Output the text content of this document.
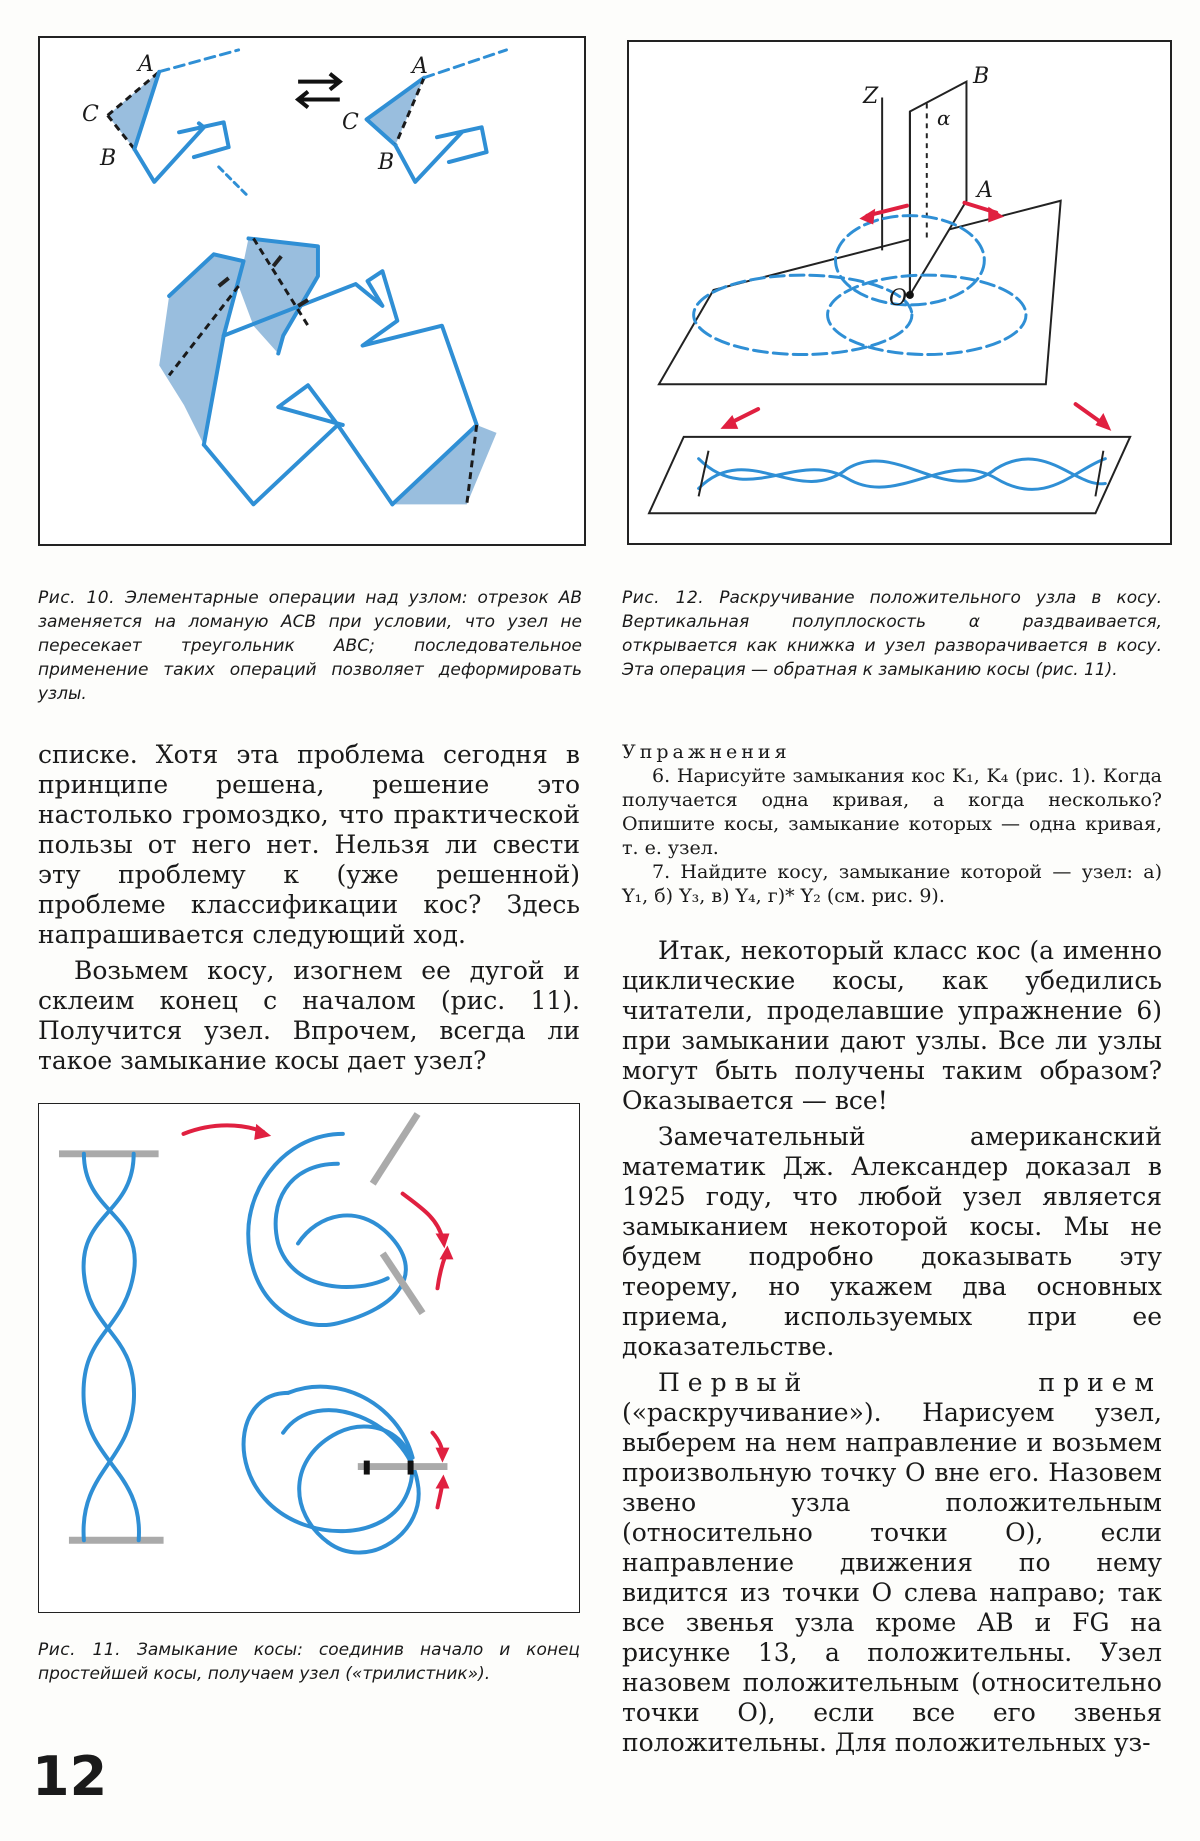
A
C
B
A
C
B
Z
B
α
A
O

Рис. 10. Элементарные операции над узлом: отрезок AB заменяется на ломаную ACB при условии, что узел не пересекает треугольник ABC; последовательное применение таких операций позволяет деформировать узлы.

Рис. 12. Раскручивание положительного узла в косу. Вертикальная полуплоскость α раздваивается, открывается как книжка и узел разворачивается в косу. Эта операция — обратная к замыканию косы (рис. 11).

списке. Хотя эта проблема сегодня в принципе решена, решение это настолько громоздко, что практической пользы от него нет. Нельзя ли свести эту проблему к (уже решенной) проблеме классификации кос? Здесь напрашивается следующий ход.

Возьмем косу, изогнем ее дугой и склеим конец с началом (рис. 11). Получится узел. Впрочем, всегда ли такое замыкание косы дает узел?

Рис. 11. Замыкание косы: соединив начало и конец простейшей косы, получаем узел («трилистник»).

Упражнения

6. Нарисуйте замыкания кос K₁, K₄ (рис. 1). Когда получается одна кривая, а когда несколько? Опишите косы, замыкание которых — одна кривая, т. е. узел.

7. Найдите косу, замыкание которой — узел: а) Y₁, б) Y₃, в) Y₄, г)* Y₂ (см. рис. 9).

Итак, некоторый класс кос (а именно циклические косы, как убедились читатели, проделавшие упражнение 6) при замыкании дают узлы. Все ли узлы могут быть получены таким образом? Оказывается — все!

Замечательный американский математик Дж. Александер доказал в 1925 году, что любой узел является замыканием некоторой косы. Мы не будем подробно доказывать эту теорему, но укажем два основных приема, используемых при ее доказательстве.

Первый прием («раскручивание»). Нарисуем узел, выберем на нем направление и возьмем произвольную точку O вне его. Назовем звено узла положительным (относительно точки O), если направление движения по нему видится из точки O слева направо; так все звенья узла кроме AB и FG на рисунке 13, а положительны. Узел назовем положительным (относительно точки O), если все его звенья положительны. Для положительных уз-

12
